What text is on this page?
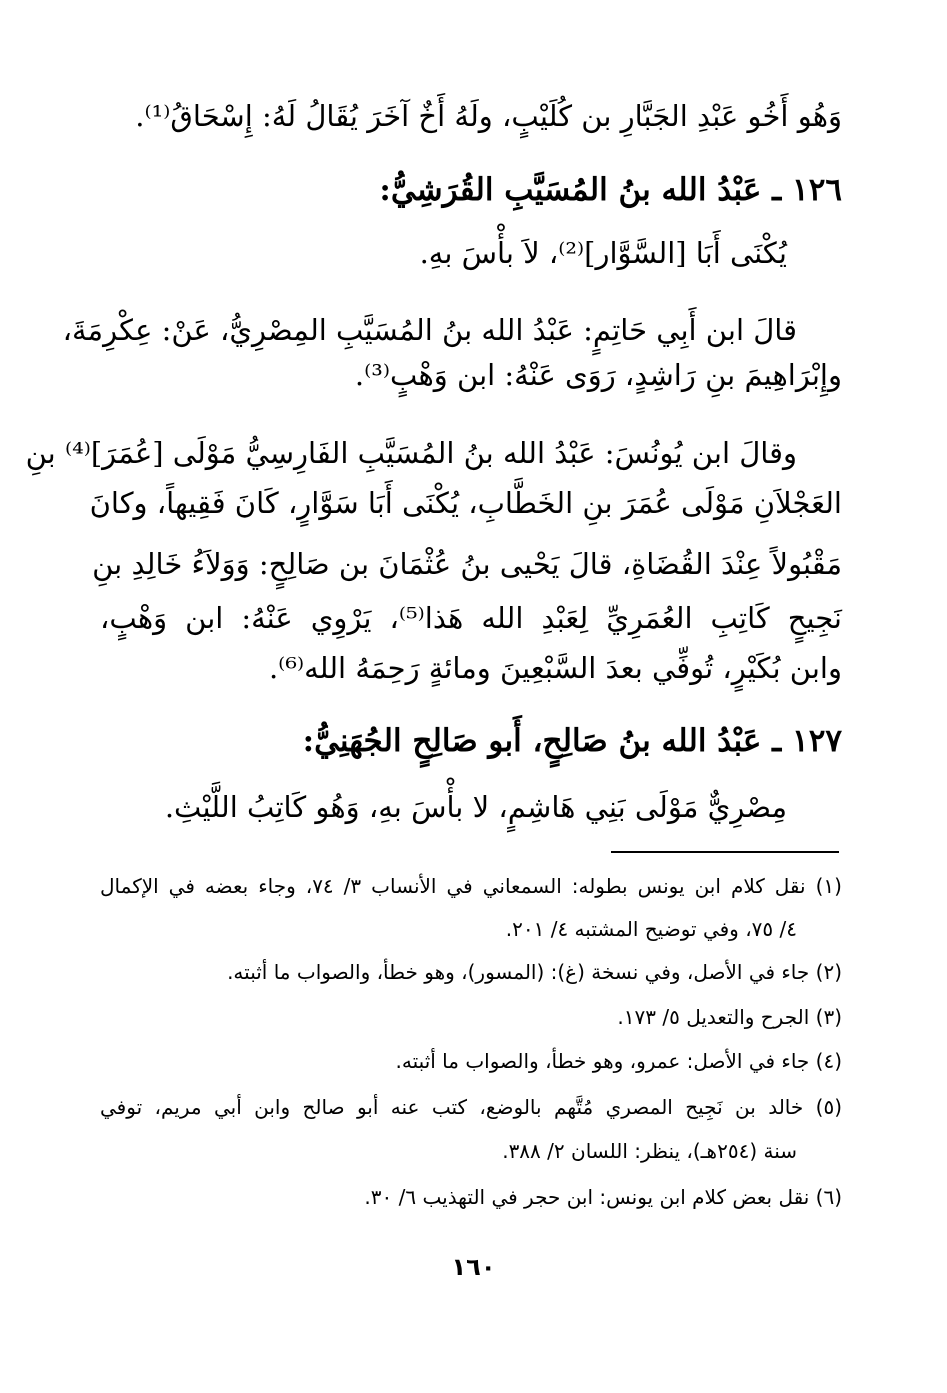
وَهُو أَخُو عَبْدِ الجَبَّارِ بن كُلَيْبٍ، ولَهُ أَخٌ آخَرَ يُقَالُ لَهُ: إِسْحَاقُ⁽¹⁾.
١٢٦ ـ عَبْدُ الله بنُ المُسَيَّبِ القُرَشِيُّ:
يُكْنَى أَبَا [السَّوَّار]⁽²⁾، لاَ بأْسَ بهِ.
قالَ ابن أَبِي حَاتِمٍ: عَبْدُ الله بنُ المُسَيَّبِ المِصْرِيُّ، عَنْ: عِكْرِمَةَ،
وإِبْرَاهِيمَ بنِ رَاشِدٍ، رَوَى عَنْهُ: ابن وَهْبٍ⁽³⁾.
وقالَ ابن يُونُسَ: عَبْدُ الله بنُ المُسَيَّبِ الفَارِسِيُّ مَوْلَى [عُمَرَ]⁽⁴⁾ بنِ
العَجْلاَنِ مَوْلَى عُمَرَ بنِ الخَطَّابِ، يُكْنَى أَبَا سَوَّارٍ، كَانَ فَقِيهاً، وكانَ
مَقْبُولاً عِنْدَ القُضَاةِ، قالَ يَحْيى بنُ عُثْمَانَ بن صَالِحٍ: وَوَلاَءُ خَالِدِ بنِ
نَجِيحٍ كَاتِبِ العُمَرِيِّ لِعَبْدِ الله هَذا⁽⁵⁾، يَرْوِي عَنْهُ: ابن وَهْبٍ،
وابن بُكَيْرٍ، تُوفِّي بعدَ السَّبْعِينَ ومائةٍ رَحِمَهُ الله⁽⁶⁾.
١٢٧ ـ عَبْدُ الله بنُ صَالِحٍ، أَبو صَالِحٍ الجُهَنِيُّ:
مِصْرِيٌّ مَوْلَى بَنِي هَاشِمٍ، لا بأْسَ بهِ، وَهُو كَاتِبُ اللَّيْثِ.
(١) نقل كلام ابن يونس بطوله: السمعاني في الأنساب ٣/ ٧٤، وجاء بعضه في الإكمال
٤/ ٧٥، وفي توضيح المشتبه ٤/ ٢٠١.
(٢) جاء في الأصل، وفي نسخة (غ): (المسور)، وهو خطأ، والصواب ما أثبته.
(٣) الجرح والتعديل ٥/ ١٧٣.
(٤) جاء في الأصل: عمرو، وهو خطأ، والصواب ما أثبته.
(٥) خالد بن نَجِيح المصري مُتَّهم بالوضع، كتب عنه أبو صالح وابن أبي مريم، توفي
سنة (٢٥٤هـ)، ينظر: اللسان ٢/ ٣٨٨.
(٦) نقل بعض كلام ابن يونس: ابن حجر في التهذيب ٦/ ٣٠.
١٦٠
